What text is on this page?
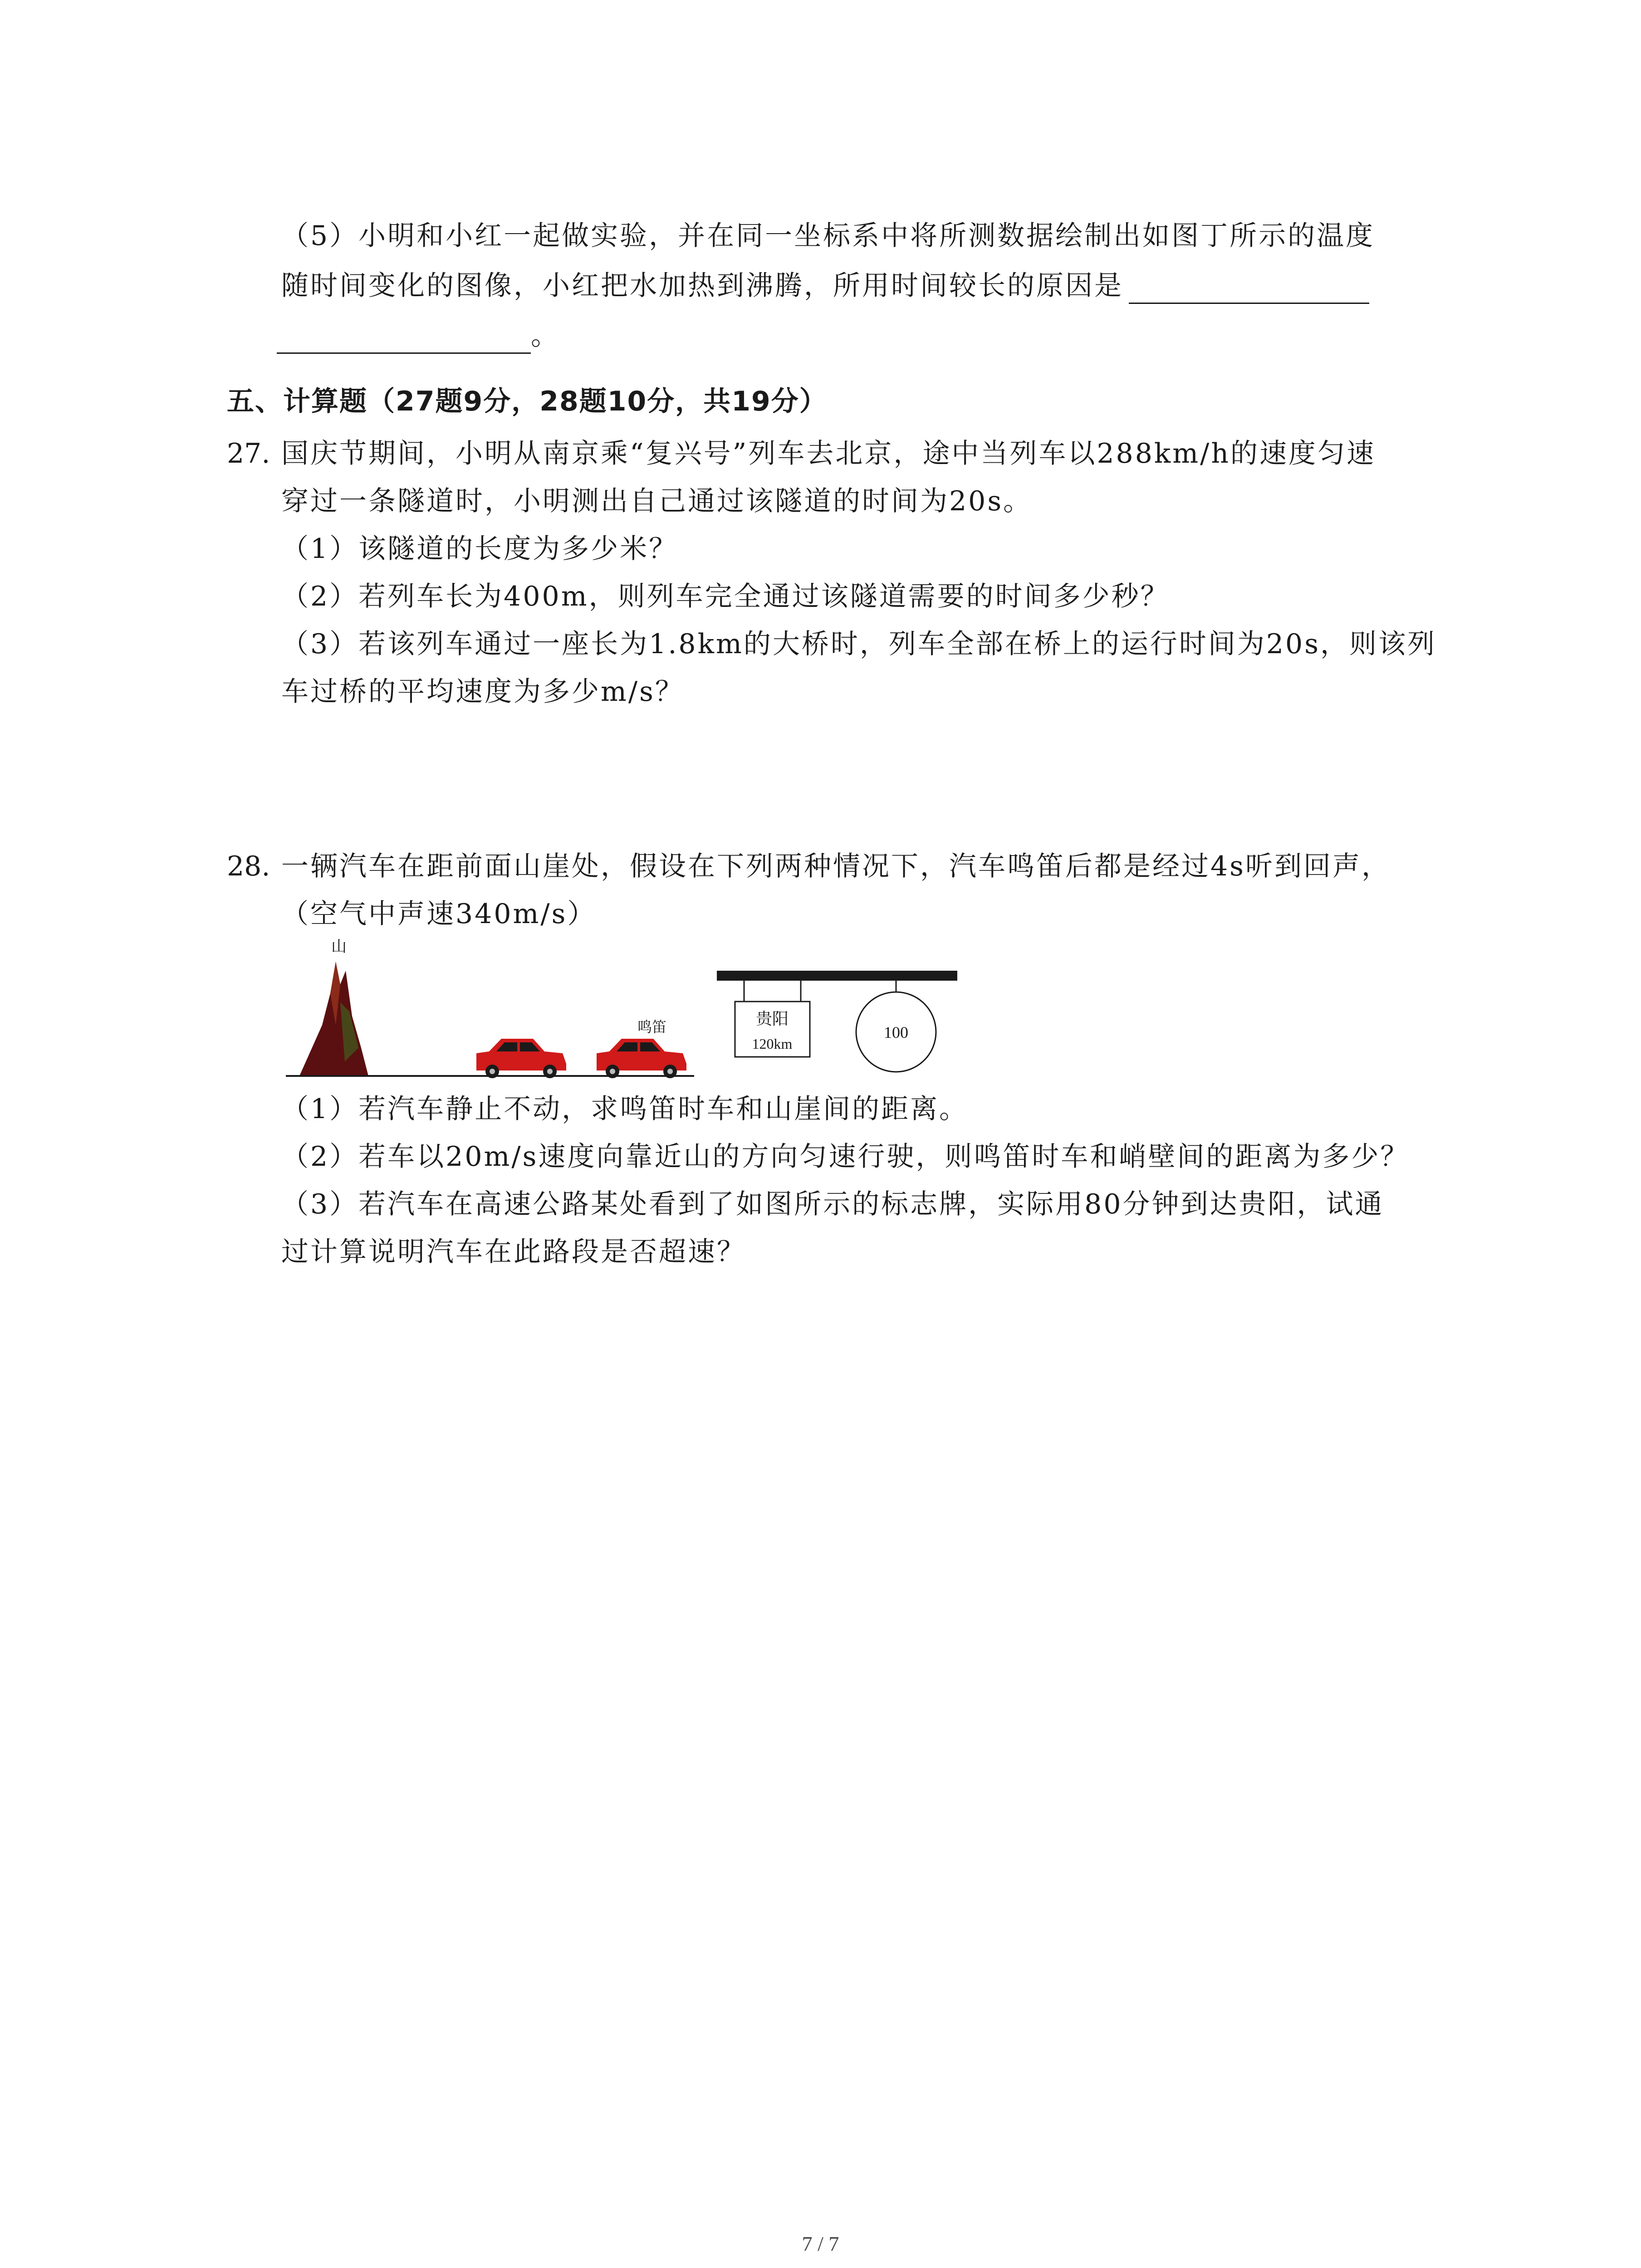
（5）小明和小红一起做实验，并在同一坐标系中将所测数据绘制出如图丁所示的温度
随时间变化的图像，小红把水加热到沸腾，所用时间较长的原因是
。
五、计算题（27题9分，28题10分，共19分）
27. 国庆节期间，小明从南京乘“复兴号”列车去北京，途中当列车以288km/h的速度匀速
穿过一条隧道时，小明测出自己通过该隧道的时间为20s。
（1）该隧道的长度为多少米？
（2）若列车长为400m，则列车完全通过该隧道需要的时间多少秒？
（3）若该列车通过一座长为1.8km的大桥时，列车全部在桥上的运行时间为20s，则该列
车过桥的平均速度为多少m/s？
28. 一辆汽车在距前面山崖处，假设在下列两种情况下，汽车鸣笛后都是经过4s听到回声，
（空气中声速340m/s）
山
鸣笛	贵阳
120km
100
（1）若汽车静止不动，求鸣笛时车和山崖间的距离。
（2）若车以20m/s速度向靠近山的方向匀速行驶，则鸣笛时车和峭壁间的距离为多少？
（3）若汽车在高速公路某处看到了如图所示的标志牌，实际用80分钟到达贵阳，试通
过计算说明汽车在此路段是否超速？
7 / 7
